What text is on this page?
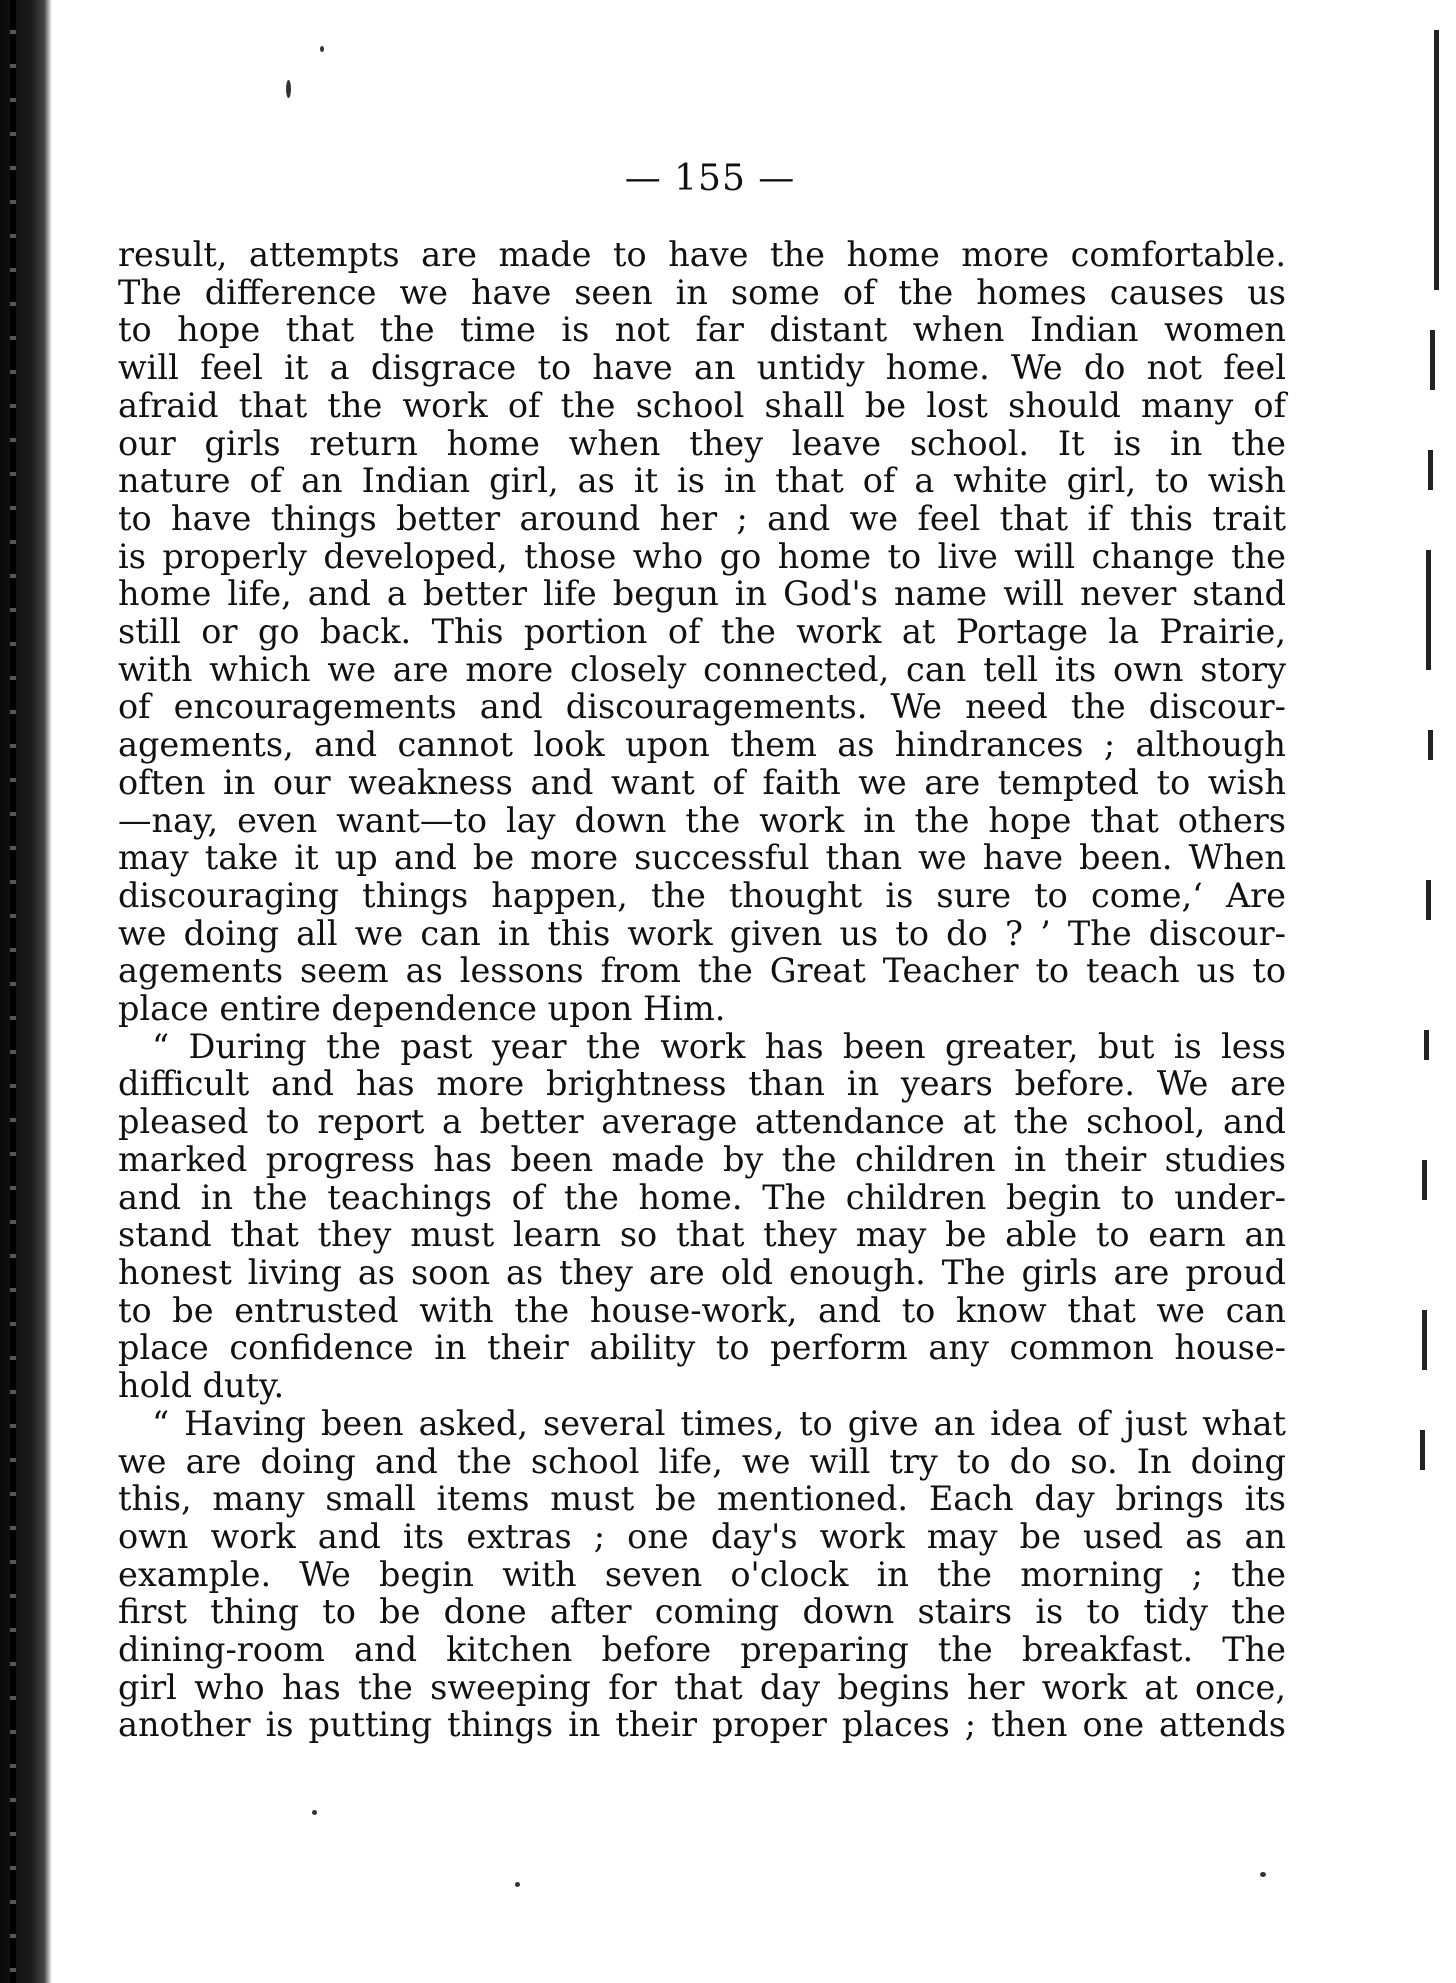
— 155 —
result, attempts are made to have the home more comfortable.
The difference we have seen in some of the homes causes us
to hope that the time is not far distant when Indian women
will feel it a disgrace to have an untidy home. We do not feel
afraid that the work of the school shall be lost should many of
our girls return home when they leave school. It is in the
nature of an Indian girl, as it is in that of a white girl, to wish
to have things better around her ; and we feel that if this trait
is properly developed, those who go home to live will change the
home life, and a better life begun in God's name will never stand
still or go back. This portion of the work at Portage la Prairie,
with which we are more closely connected, can tell its own story
of encouragements and discouragements. We need the discour-
agements, and cannot look upon them as hindrances ; although
often in our weakness and want of faith we are tempted to wish
—nay, even want—to lay down the work in the hope that others
may take it up and be more successful than we have been. When
discouraging things happen, the thought is sure to come,‘ Are
we doing all we can in this work given us to do ? ’ The discour-
agements seem as lessons from the Great Teacher to teach us to
place entire dependence upon Him.
“ During the past year the work has been greater, but is less
difficult and has more brightness than in years before. We are
pleased to report a better average attendance at the school, and
marked progress has been made by the children in their studies
and in the teachings of the home. The children begin to under-
stand that they must learn so that they may be able to earn an
honest living as soon as they are old enough. The girls are proud
to be entrusted with the house-work, and to know that we can
place confidence in their ability to perform any common house-
hold duty.
“ Having been asked, several times, to give an idea of just what
we are doing and the school life, we will try to do so. In doing
this, many small items must be mentioned. Each day brings its
own work and its extras ; one day's work may be used as an
example. We begin with seven o'clock in the morning ; the
first thing to be done after coming down stairs is to tidy the
dining-room and kitchen before preparing the breakfast. The
girl who has the sweeping for that day begins her work at once,
another is putting things in their proper places ; then one attends
